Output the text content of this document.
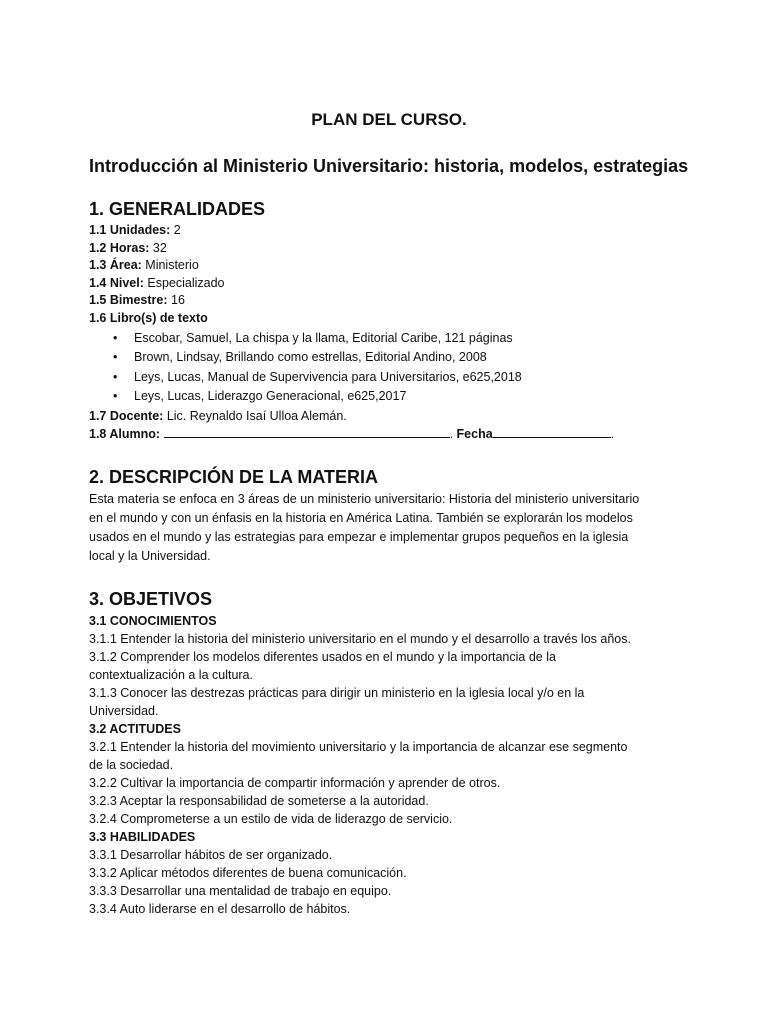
PLAN DEL CURSO.
Introducción al Ministerio Universitario: historia, modelos, estrategias
1. GENERALIDADES
1.1 Unidades: 2
1.2 Horas: 32
1.3 Área: Ministerio
1.4 Nivel: Especializado
1.5 Bimestre: 16
1.6 Libro(s) de texto
• Escobar, Samuel, La chispa y la llama, Editorial Caribe, 121 páginas
• Brown, Lindsay, Brillando como estrellas, Editorial Andino, 2008
• Leys, Lucas, Manual de Supervivencia para Universitarios, e625,2018
• Leys, Lucas, Liderazgo Generacional, e625,2017
1.7 Docente: Lic. Reynaldo Isaí Ulloa Alemán.
1.8 Alumno:	. Fecha	.
2. DESCRIPCIÓN DE LA MATERIA
Esta materia se enfoca en 3 áreas de un ministerio universitario: Historia del ministerio universitario
en el mundo y con un énfasis en la historia en América Latina. También se explorarán los modelos
usados en el mundo y las estrategias para empezar e implementar grupos pequeños en la iglesia
local y la Universidad.
3. OBJETIVOS
3.1 CONOCIMIENTOS
3.1.1 Entender la historia del ministerio universitario en el mundo y el desarrollo a través los años.
3.1.2 Comprender los modelos diferentes usados en el mundo y la importancia de la
contextualización a la cultura.
3.1.3 Conocer las destrezas prácticas para dirigir un ministerio en la iglesia local y/o en la
Universidad.
3.2 ACTITUDES
3.2.1 Entender la historia del movimiento universitario y la importancia de alcanzar ese segmento
de la sociedad.
3.2.2 Cultivar la importancia de compartir información y aprender de otros.
3.2.3 Aceptar la responsabilidad de someterse a la autoridad.
3.2.4 Comprometerse a un estilo de vida de liderazgo de servicio.
3.3 HABILIDADES
3.3.1 Desarrollar hábitos de ser organizado.
3.3.2 Aplicar métodos diferentes de buena comunicación.
3.3.3 Desarrollar una mentalidad de trabajo en equipo.
3.3.4 Auto liderarse en el desarrollo de hábitos.
